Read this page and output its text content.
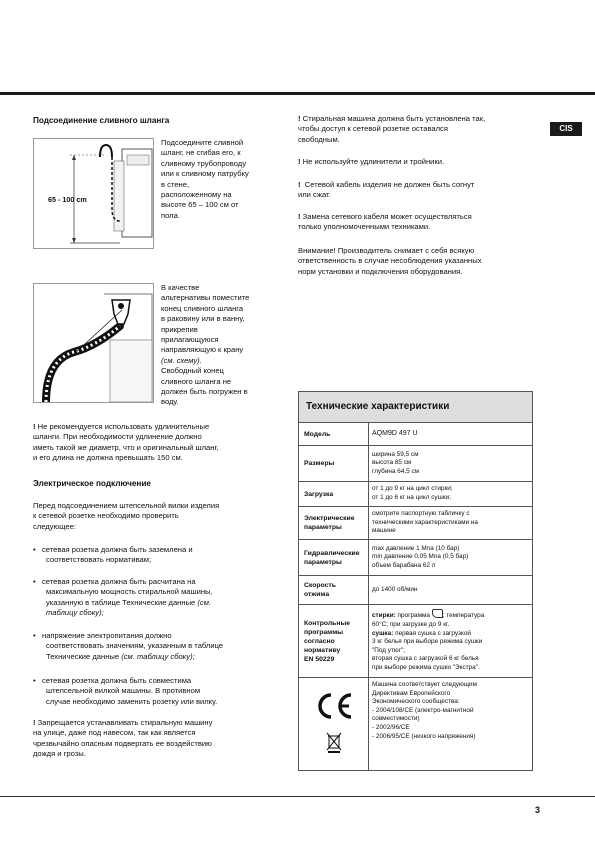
CIS
Подсоединение сливного шланга
65 - 100 cm
Подсоедините сливной
шланг, не сгибая его, к
сливному трубопроводу
или к сливному патрубку
в стене,
расположенному на
высоте 65 – 100 см от
пола.
В качестве
альтернативы поместите
конец сливного шланга
в раковину или в ванну,
прикрепив
прилагающуюся
направляющую к крану
(см. схему).
Свободный конец
сливного шланга не
должен быть погружен в
воду.
! Не рекомендуется использовать удлинительные
шланги. При необходимости удлинение должно
иметь такой же диаметр, что и оригинальный шланг,
и его длина не должна превышать 150 см.
Электрическое подключение
Перед подсоединением штепсельной вилки изделия
к сетевой розетке необходимо проверить
следующее:
•   сетевая розетка должна быть заземлена и
соответствовать нормативам;
•   сетевая розетка должна быть расчитана на
максимальную мощность стиральной машины,
указанную в таблице Технические данные (см.
таблицу сбоку);
•   напряжение электропитания должно
соответствовать значениям, указанным в таблице
Технические данные (см. таблицу сбоку);
•   сетевая розетка должна быть совместима
штепсельной вилкой машины. В противном
случае необходимо заменить розетку или вилку.
! Запрещается устанавливать стиральную машину
на улице, даже под навесом, так как является
чрезвычайно опасным подвергать ее воздействию
дождя и грозы.
! Стиральная машина должна быть установлена так,
чтобы доступ к сетевой розетке оставался
свободным.
! Не используйте удлинители и тройники.
! Сетевой кабель изделия не должен быть согнут
или сжат.
! Замена сетевого кабеля может осуществляться
только уполномоченными техниками.
Внимание! Производитель снимает с себя всякую
ответственность в случае несоблюдения указанных
норм установки и подключения оборудования.
Технические характеристики
Модель	AQM9D 497 U
Размеры
ширина 59,5 см
высота 85 см
глубина 64,5 см
Загрузка
от 1 до 9 кг на цикл стирки;
от 1 до 6 кг на цикл сушки;
Электрические
параметры
смотрите паспортную табличку с
техническими характеристиками на
машине
Гидравлические
параметры
max давление 1 Mna (10 бар)
min давление 0,05 Mna (0,5 бар)
объем барабана 62 л
Скорость
отжима
до 1400 об/мин
Контрольные
программы
согласно
нормативу
EN 50229
стирки: программа ; температура
60°С; при загрузке до 9 кг.
сушка: первая сушка с загрузкой
3 кг белья при выборе режима сушки
"Под утюг";
вторая сушка с загрузкой 6 кг белья
при выборе режима сушки "Экстра".
Машина соответствует следующим
Директивам Европейского
Экономического сообщества:
- 2004/108/CE (электро-магнитной
совместимости)
- 2002/96/CE
- 2006/95/CE (низкого напряжения)
3
